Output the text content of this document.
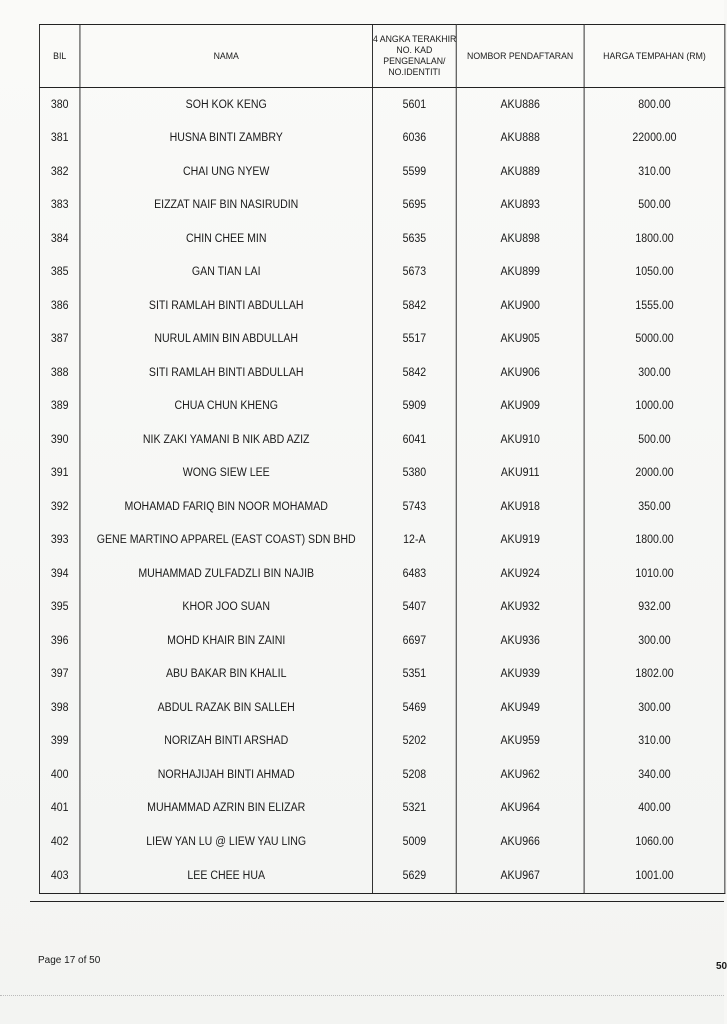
BIL	NAMA	4 ANGKA TERAKHIR
NO. KAD
PENGENALAN/
NO.IDENTITI	NOMBOR PENDAFTARAN	HARGA TEMPAHAN (RM)
380	SOH KOK KENG	5601	AKU886	800.00
381	HUSNA BINTI ZAMBRY	6036	AKU888	22000.00
382	CHAI UNG NYEW	5599	AKU889	310.00
383	EIZZAT NAIF BIN NASIRUDIN	5695	AKU893	500.00
384	CHIN CHEE MIN	5635	AKU898	1800.00
385	GAN TIAN LAI	5673	AKU899	1050.00
386	SITI RAMLAH BINTI ABDULLAH	5842	AKU900	1555.00
387	NURUL AMIN BIN ABDULLAH	5517	AKU905	5000.00
388	SITI RAMLAH BINTI ABDULLAH	5842	AKU906	300.00
389	CHUA CHUN KHENG	5909	AKU909	1000.00
390	NIK ZAKI YAMANI B NIK ABD AZIZ	6041	AKU910	500.00
391	WONG SIEW LEE	5380	AKU911	2000.00
392	MOHAMAD FARIQ BIN NOOR MOHAMAD	5743	AKU918	350.00
393	GENE MARTINO APPAREL (EAST COAST) SDN BHD	12-A	AKU919	1800.00
394	MUHAMMAD ZULFADZLI BIN NAJIB	6483	AKU924	1010.00
395	KHOR JOO SUAN	5407	AKU932	932.00
396	MOHD KHAIR BIN ZAINI	6697	AKU936	300.00
397	ABU BAKAR BIN KHALIL	5351	AKU939	1802.00
398	ABDUL RAZAK BIN SALLEH	5469	AKU949	300.00
399	NORIZAH BINTI ARSHAD	5202	AKU959	310.00
400	NORHAJIJAH BINTI AHMAD	5208	AKU962	340.00
401	MUHAMMAD AZRIN BIN ELIZAR	5321	AKU964	400.00
402	LIEW YAN LU @ LIEW YAU LING	5009	AKU966	1060.00
403	LEE CHEE HUA	5629	AKU967	1001.00
Page 17 of 50
50
